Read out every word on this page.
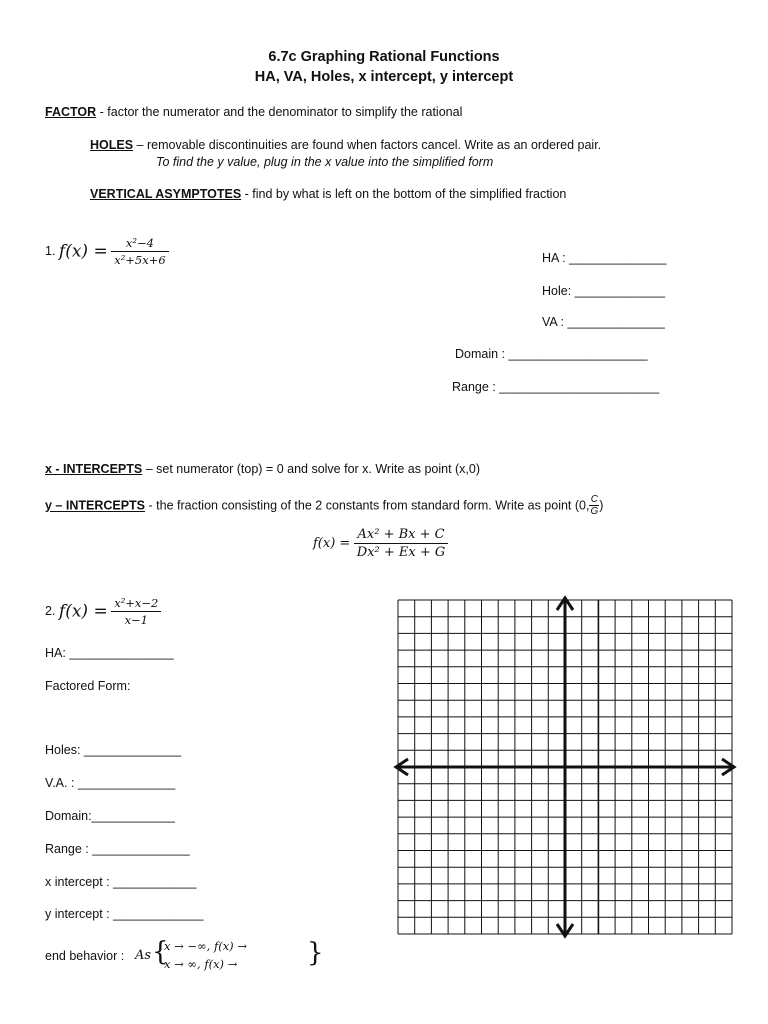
6.7c Graphing Rational Functions
HA, VA, Holes, x intercept, y intercept
FACTOR - factor the numerator and the denominator to simplify the rational
HOLES – removable discontinuities are found when factors cancel. Write as an ordered pair.
To find the y value, plug in the x value into the simplified form
VERTICAL ASYMPTOTES - find by what is left on the bottom of the simplified fraction
1. $f(x) = \frac{\text{x²−4}}{\text{x²+5x+6}}$	HA : ______________
Hole: _____________
VA : ______________
Domain : ____________________
Range : _______________________
x - INTERCEPTS – set numerator (top) = 0 and solve for x. Write as point (x,0)
y – INTERCEPTS - the fraction consisting of the 2 constants from standard form. Write as point (0, $\frac{C}{G}$ )
$f(x) = \frac{\text{Ax² + Bx + C}}{\text{Dx² + Ex + G}}$
2. $f(x) = \frac{\text{x²+x−2}}{x-1}$
HA: _______________
Factored Form:
Holes: ______________
V.A. : ______________
Domain:____________
Range : ______________
x intercept : ____________
y intercept : _____________
end behavior : As {
x → −∞, f(x) →
x → ∞, f(x) →	}
